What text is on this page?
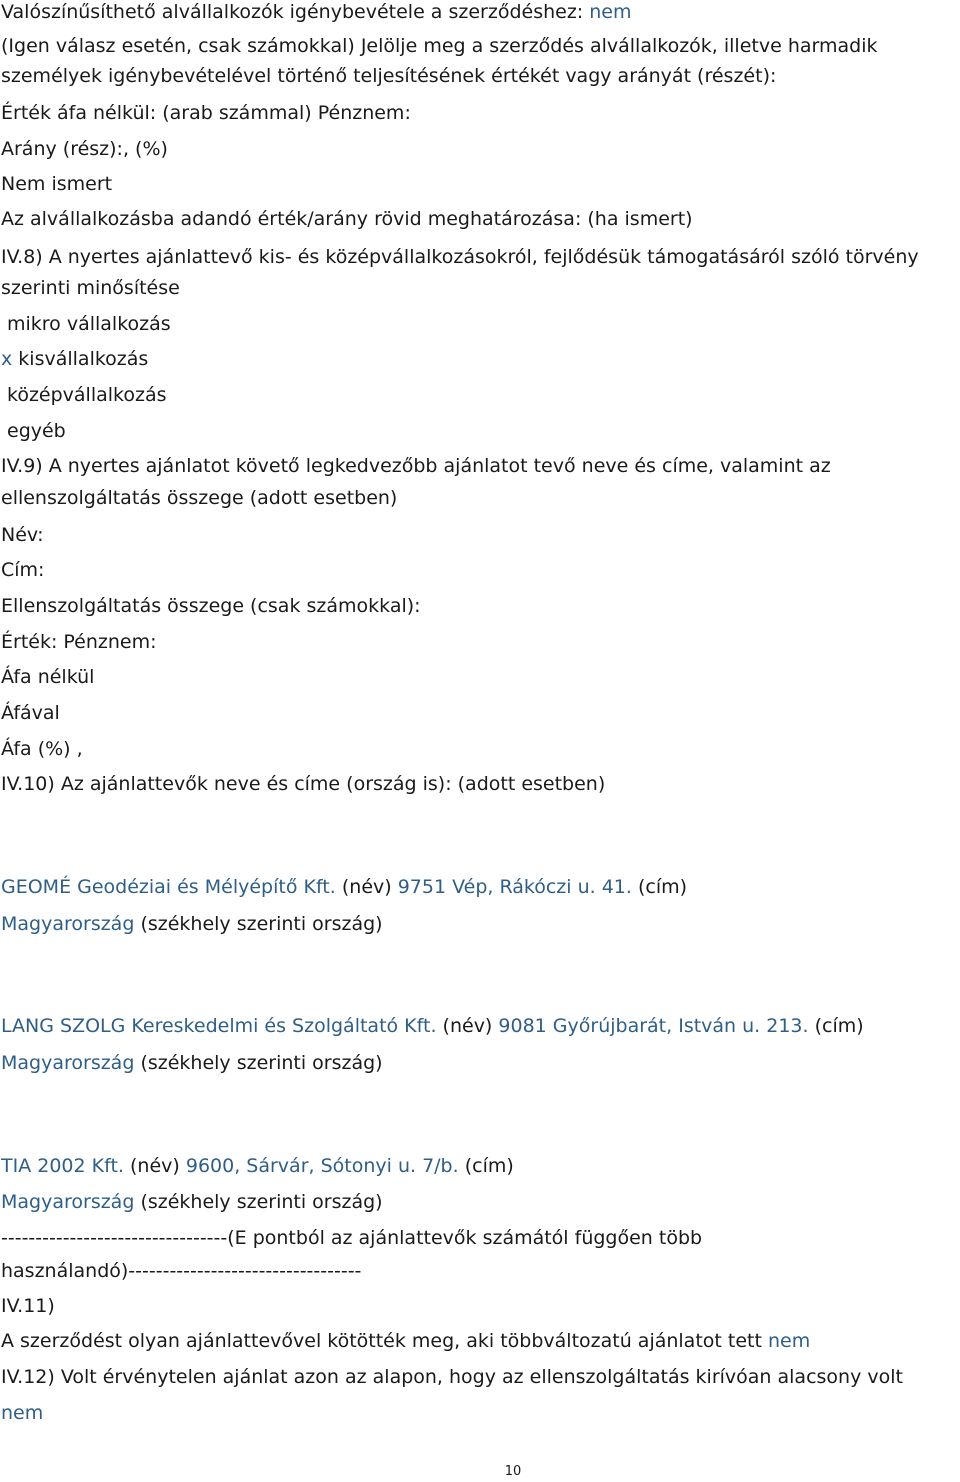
Valószínűsíthető alvállalkozók igénybevétele a szerződéshez: nem
(Igen válasz esetén, csak számokkal) Jelölje meg a szerződés alvállalkozók, illetve harmadik
személyek igénybevételével történő teljesítésének értékét vagy arányát (részét):
Érték áfa nélkül: (arab számmal) Pénznem:
Arány (rész):, (%)
Nem ismert
Az alvállalkozásba adandó érték/arány rövid meghatározása: (ha ismert)
IV.8) A nyertes ajánlattevő kis- és középvállalkozásokról, fejlődésük támogatásáról szóló törvény
szerinti minősítése
mikro vállalkozás
x kisvállalkozás
középvállalkozás
egyéb
IV.9) A nyertes ajánlatot követő legkedvezőbb ajánlatot tevő neve és címe, valamint az
ellenszolgáltatás összege (adott esetben)
Név:
Cím:
Ellenszolgáltatás összege (csak számokkal):
Érték: Pénznem:
Áfa nélkül
Áfával
Áfa (%) ,
IV.10) Az ajánlattevők neve és címe (ország is): (adott esetben)
GEOMÉ Geodéziai és Mélyépítő Kft. (név) 9751 Vép, Rákóczi u. 41. (cím)
Magyarország (székhely szerinti ország)
LANG SZOLG Kereskedelmi és Szolgáltató Kft. (név) 9081 Győrújbarát, István u. 213. (cím)
Magyarország (székhely szerinti ország)
TIA 2002 Kft. (név) 9600, Sárvár, Sótonyi u. 7/b. (cím)
Magyarország (székhely szerinti ország)
---------------------------------(E pontból az ajánlattevők számától függően több
használandó)----------------------------------
IV.11)
A szerződést olyan ajánlattevővel kötötték meg, aki többváltozatú ajánlatot tett nem
IV.12) Volt érvénytelen ajánlat azon az alapon, hogy az ellenszolgáltatás kirívóan alacsony volt
nem
10
